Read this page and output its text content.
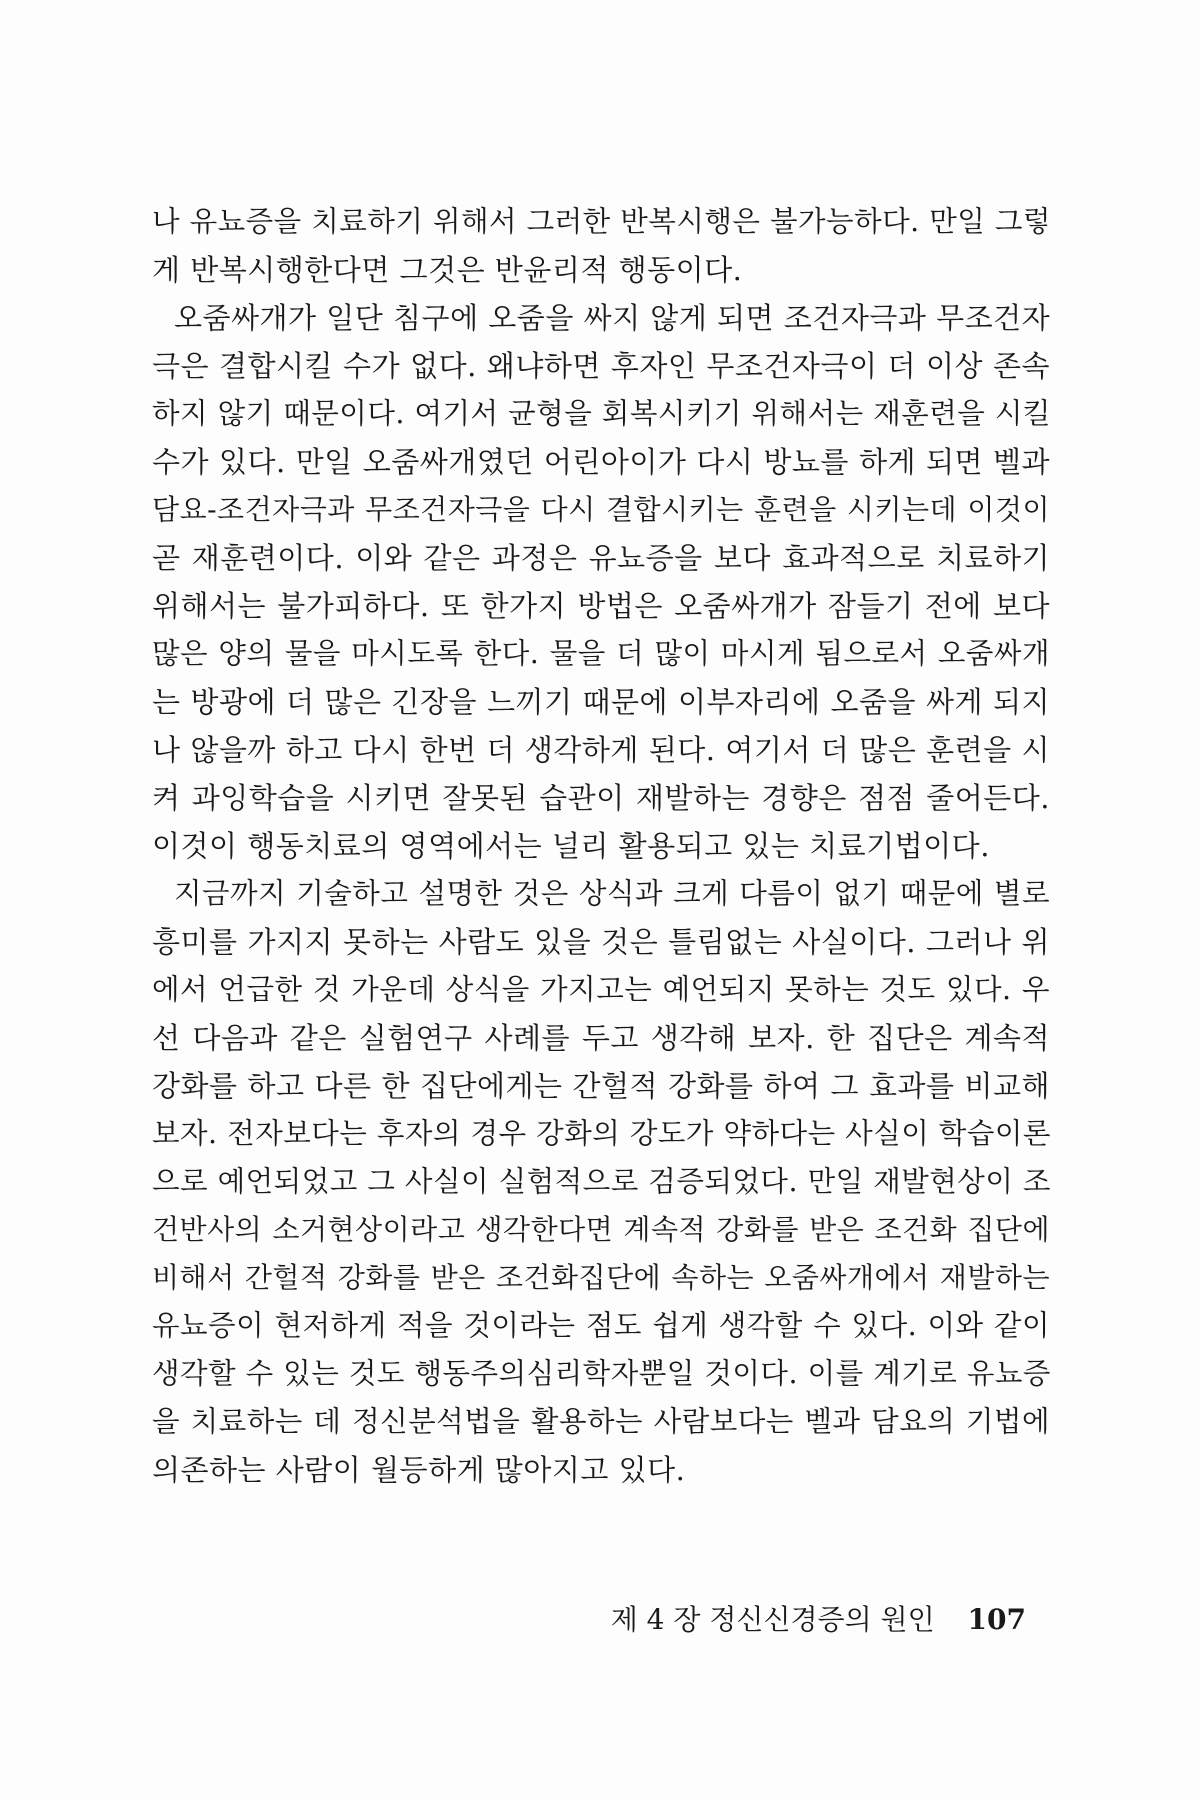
나 유뇨증을 치료하기 위해서 그러한 반복시행은 불가능하다. 만일 그렇
게 반복시행한다면 그것은 반윤리적 행동이다.
오줌싸개가 일단 침구에 오줌을 싸지 않게 되면 조건자극과 무조건자
극은 결합시킬 수가 없다. 왜냐하면 후자인 무조건자극이 더 이상 존속
하지 않기 때문이다. 여기서 균형을 회복시키기 위해서는 재훈련을 시킬
수가 있다. 만일 오줌싸개였던 어린아이가 다시 방뇨를 하게 되면 벨과
담요-조건자극과 무조건자극을 다시 결합시키는 훈련을 시키는데 이것이
곧 재훈련이다. 이와 같은 과정은 유뇨증을 보다 효과적으로 치료하기
위해서는 불가피하다. 또 한가지 방법은 오줌싸개가 잠들기 전에 보다
많은 양의 물을 마시도록 한다. 물을 더 많이 마시게 됨으로서 오줌싸개
는 방광에 더 많은 긴장을 느끼기 때문에 이부자리에 오줌을 싸게 되지
나 않을까 하고 다시 한번 더 생각하게 된다. 여기서 더 많은 훈련을 시
켜 과잉학습을 시키면 잘못된 습관이 재발하는 경향은 점점 줄어든다.
이것이 행동치료의 영역에서는 널리 활용되고 있는 치료기법이다.
지금까지 기술하고 설명한 것은 상식과 크게 다름이 없기 때문에 별로
흥미를 가지지 못하는 사람도 있을 것은 틀림없는 사실이다. 그러나 위
에서 언급한 것 가운데 상식을 가지고는 예언되지 못하는 것도 있다. 우
선 다음과 같은 실험연구 사례를 두고 생각해 보자. 한 집단은 계속적
강화를 하고 다른 한 집단에게는 간헐적 강화를 하여 그 효과를 비교해
보자. 전자보다는 후자의 경우 강화의 강도가 약하다는 사실이 학습이론
으로 예언되었고 그 사실이 실험적으로 검증되었다. 만일 재발현상이 조
건반사의 소거현상이라고 생각한다면 계속적 강화를 받은 조건화 집단에
비해서 간헐적 강화를 받은 조건화집단에 속하는 오줌싸개에서 재발하는
유뇨증이 현저하게 적을 것이라는 점도 쉽게 생각할 수 있다. 이와 같이
생각할 수 있는 것도 행동주의심리학자뿐일 것이다. 이를 계기로 유뇨증
을 치료하는 데 정신분석법을 활용하는 사람보다는 벨과 담요의 기법에
의존하는 사람이 월등하게 많아지고 있다.
제 4 장 정신신경증의 원인 107
